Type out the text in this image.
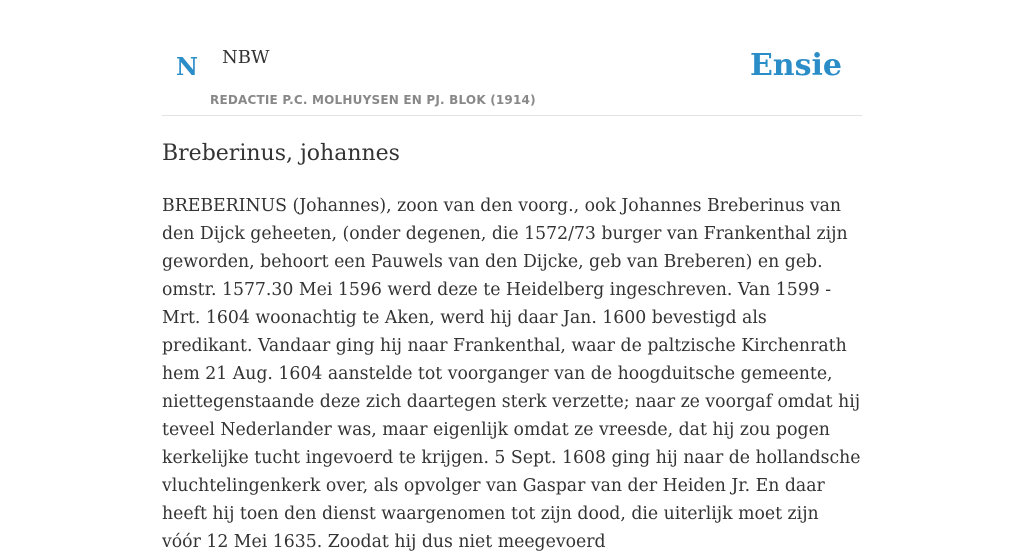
N NBW
REDACTIE P.C. MOLHUYSEN EN PJ. BLOK (1914)
Ensie
Breberinus, johannes

BREBERINUS (Johannes), zoon van den voorg., ook Johannes Breberinus van den Dijck geheeten, (onder degenen, die 1572/73 burger van Frankenthal zijn geworden, behoort een Pauwels van den Dijcke, geb van Breberen) en geb. omstr. 1577.30 Mei 1596 werd deze te Heidelberg ingeschreven. Van 1599 - Mrt. 1604 woonachtig te Aken, werd hij daar Jan. 1600 bevestigd als predikant. Vandaar ging hij naar Frankenthal, waar de paltzische Kirchenrath hem 21 Aug. 1604 aanstelde tot voorganger van de hoogduitsche gemeente, niettegenstaande deze zich daartegen sterk verzette; naar ze voorgaf omdat hij teveel Nederlander was, maar eigenlijk omdat ze vreesde, dat hij zou pogen kerkelijke tucht ingevoerd te krijgen. 5 Sept. 1608 ging hij naar de hollandsche vluchtelingenkerk over, als opvolger van Gaspar van der Heiden Jr. En daar heeft hij toen den dienst waargenomen tot zijn dood, die uiterlijk moet zijn vóór 12 Mei 1635. Zoodat hij dus niet meegevoerd
